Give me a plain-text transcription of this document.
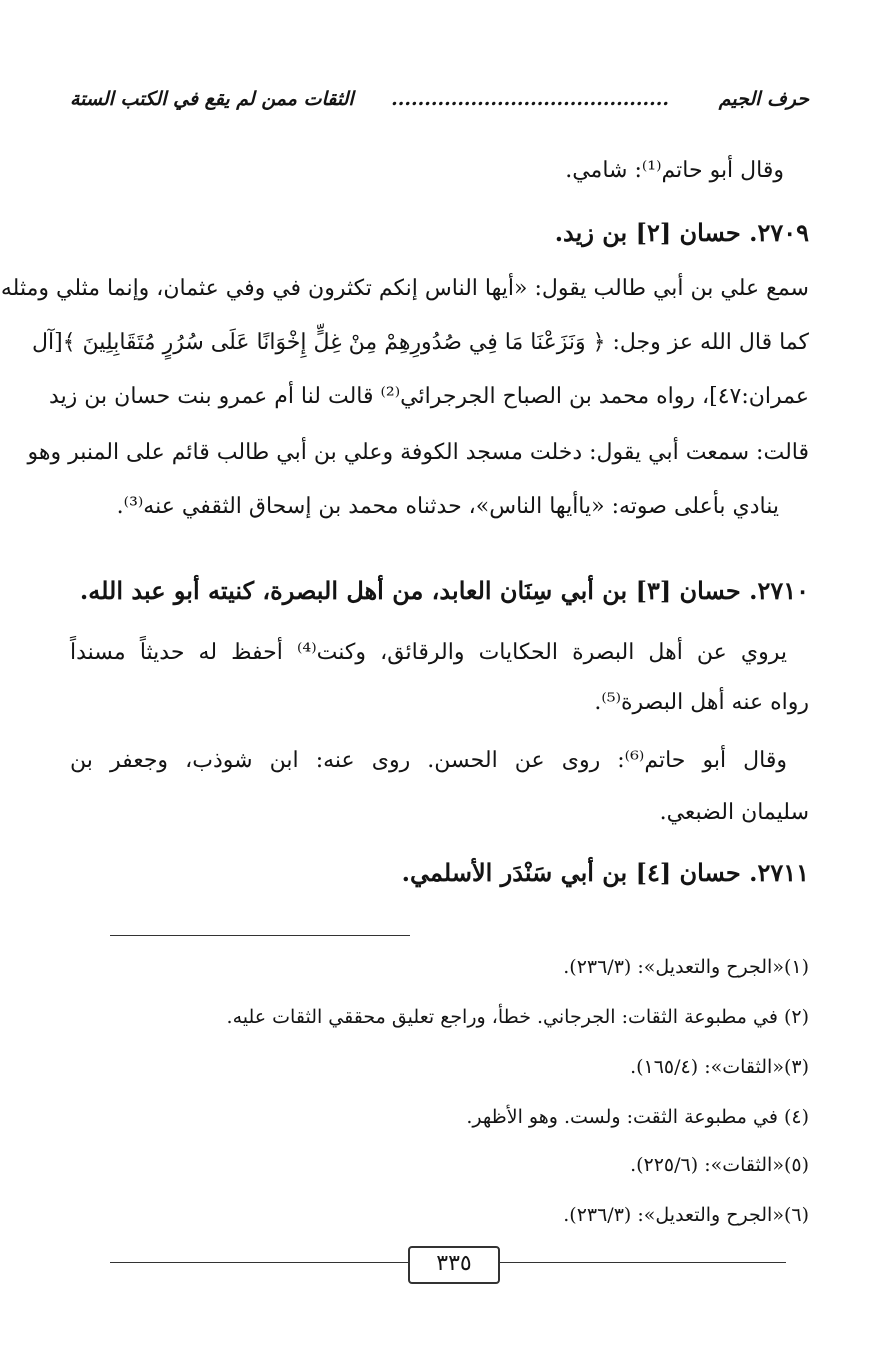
حرف الجيم
..........................................
الثقات ممن لم يقع في الكتب الستة
وقال أبو حاتم⁽¹⁾: شامي.
٢٧٠٩. حسان [٢] بن زيد.
سمع علي بن أبي طالب يقول: «أيها الناس إنكم تكثرون في وفي عثمان، وإنما مثلي ومثله
كما قال الله عز وجل: ﴿ وَنَزَعْنَا مَا فِي صُدُورِهِمْ مِنْ غِلٍّ إِخْوَانًا عَلَى سُرُرٍ مُتَقَابِلِينَ ﴾[آل
عمران:٤٧]، رواه محمد بن الصباح الجرجرائي⁽²⁾ قالت لنا أم عمرو بنت حسان بن زيد
قالت: سمعت أبي يقول: دخلت مسجد الكوفة وعلي بن أبي طالب قائم على المنبر وهو
ينادي بأعلى صوته: «ياأيها الناس»، حدثناه محمد بن إسحاق الثقفي عنه⁽³⁾.
٢٧١٠. حسان [٣] بن أبي سِنَان العابد، من أهل البصرة، كنيته أبو عبد الله.
يروي عن أهل البصرة الحكايات والرقائق، وكنت⁽⁴⁾ أحفظ له حديثاً مسنداً
رواه عنه أهل البصرة⁽⁵⁾.
وقال أبو حاتم⁽⁶⁾: روى عن الحسن. روى عنه: ابن شوذب، وجعفر بن
سليمان الضبعي.
٢٧١١. حسان [٤] بن أبي سَنْدَر الأسلمي.
(١)«الجرح والتعديل»: (٢٣٦/٣).
(٢) في مطبوعة الثقات: الجرجاني. خطأ، وراجع تعليق محققي الثقات عليه.
(٣)«الثقات»: (١٦٥/٤).
(٤) في مطبوعة الثقت: ولست. وهو الأظهر.
(٥)«الثقات»: (٢٢٥/٦).
(٦)«الجرح والتعديل»: (٢٣٦/٣).
٣٣٥
